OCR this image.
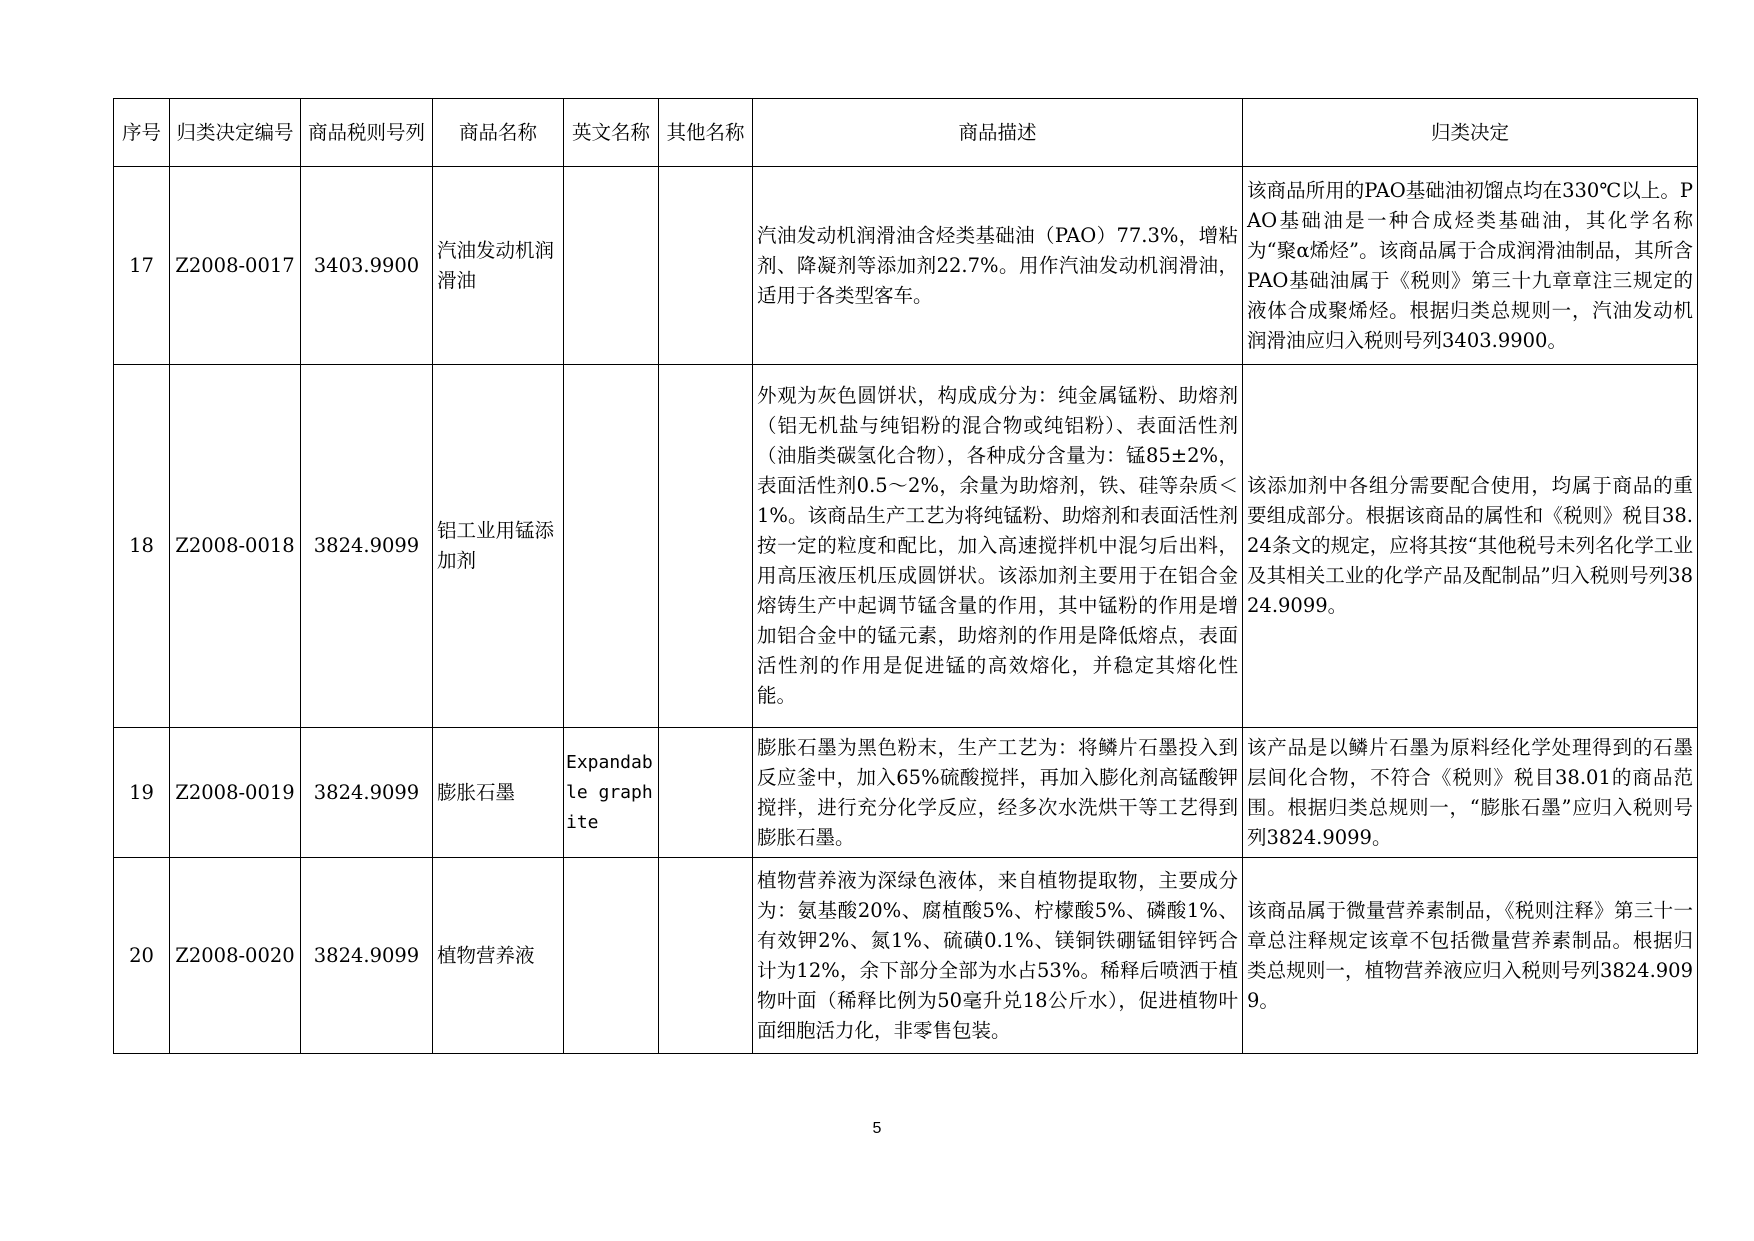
序号	归类决定编号	商品税则号列	商品名称	英文名称	其他名称	商品描述	归类决定
17	Z2008-0017	3403.9900	汽油发动机润滑油			汽油发动机润滑油含烃类基础油（PAO）77.3%，增粘剂、降凝剂等添加剂22.7%。用作汽油发动机润滑油，适用于各类型客车。	该商品所用的PAO基础油初馏点均在330℃以上。PAO基础油是一种合成烃类基础油，其化学名称为“聚α烯烃”。该商品属于合成润滑油制品，其所含PAO基础油属于《税则》第三十九章章注三规定的液体合成聚烯烃。根据归类总规则一，汽油发动机润滑油应归入税则号列3403.9900。
18	Z2008-0018	3824.9099	铝工业用锰添加剂			外观为灰色圆饼状，构成成分为：纯金属锰粉、助熔剂（铝无机盐与纯铝粉的混合物或纯铝粉）、表面活性剂（油脂类碳氢化合物），各种成分含量为：锰85±2%，表面活性剂0.5～2%，余量为助熔剂，铁、硅等杂质＜1%。该商品生产工艺为将纯锰粉、助熔剂和表面活性剂按一定的粒度和配比，加入高速搅拌机中混匀后出料，用高压液压机压成圆饼状。该添加剂主要用于在铝合金熔铸生产中起调节锰含量的作用，其中锰粉的作用是增加铝合金中的锰元素，助熔剂的作用是降低熔点，表面活性剂的作用是促进锰的高效熔化，并稳定其熔化性能。	该添加剂中各组分需要配合使用，均属于商品的重要组成部分。根据该商品的属性和《税则》税目38.24条文的规定，应将其按“其他税号未列名化学工业及其相关工业的化学产品及配制品”归入税则号列3824.9099。
19	Z2008-0019	3824.9099	膨胀石墨	Expandable graphite		膨胀石墨为黑色粉末，生产工艺为：将鳞片石墨投入到反应釜中，加入65%硫酸搅拌，再加入膨化剂高锰酸钾搅拌，进行充分化学反应，经多次水洗烘干等工艺得到膨胀石墨。	该产品是以鳞片石墨为原料经化学处理得到的石墨层间化合物，不符合《税则》税目38.01的商品范围。根据归类总规则一，“膨胀石墨”应归入税则号列3824.9099。
20	Z2008-0020	3824.9099	植物营养液			植物营养液为深绿色液体，来自植物提取物，主要成分为：氨基酸20%、腐植酸5%、柠檬酸5%、磷酸1%、有效钾2%、氮1%、硫磺0.1%、镁铜铁硼锰钼锌钙合计为12%，余下部分全部为水占53%。稀释后喷洒于植物叶面（稀释比例为50毫升兑18公斤水），促进植物叶面细胞活力化，非零售包装。	该商品属于微量营养素制品，《税则注释》第三十一章总注释规定该章不包括微量营养素制品。根据归类总规则一，植物营养液应归入税则号列3824.9099。
5
